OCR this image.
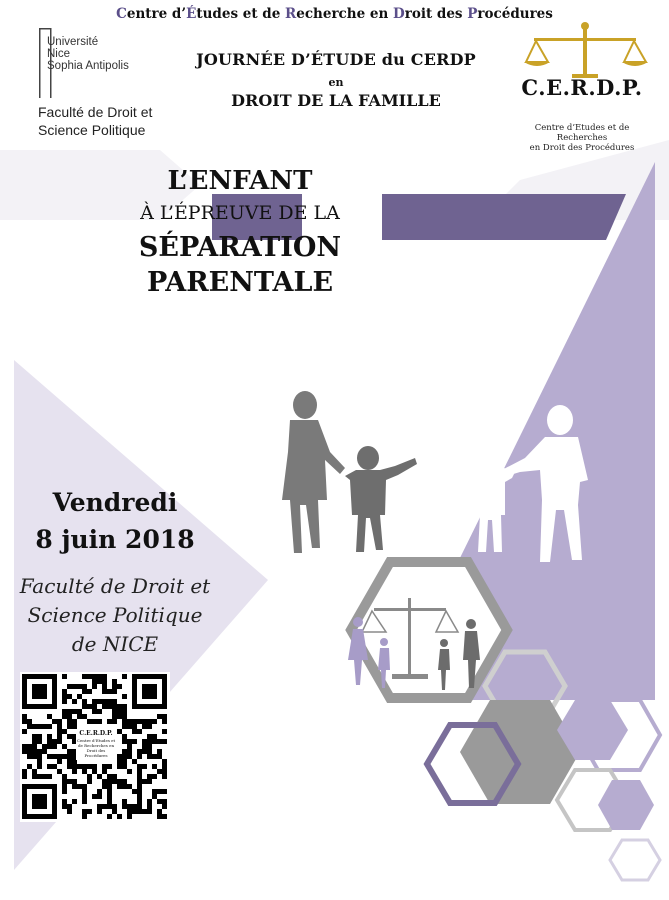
Centre d’Études et de Recherche en Droit des Procédures
Université
Nice
Sophia Antipolis
Faculté de Droit et
Science Politique
JOURNÉE D’ÉTUDE du CERDP
en
DROIT DE LA FAMILLE
C.E.R.D.P.
Centre d’Etudes et de Recherches
en Droit des Procédures
L’ENFANT
À L’ÉPREUVE DE LA
SÉPARATION
PARENTALE
Vendredi
8 juin 2018
Faculté de Droit et
Science Politique
de NICE
C.E.R.D.P.
Centre d’Etudes et de Recherches en Droit des Procédures
